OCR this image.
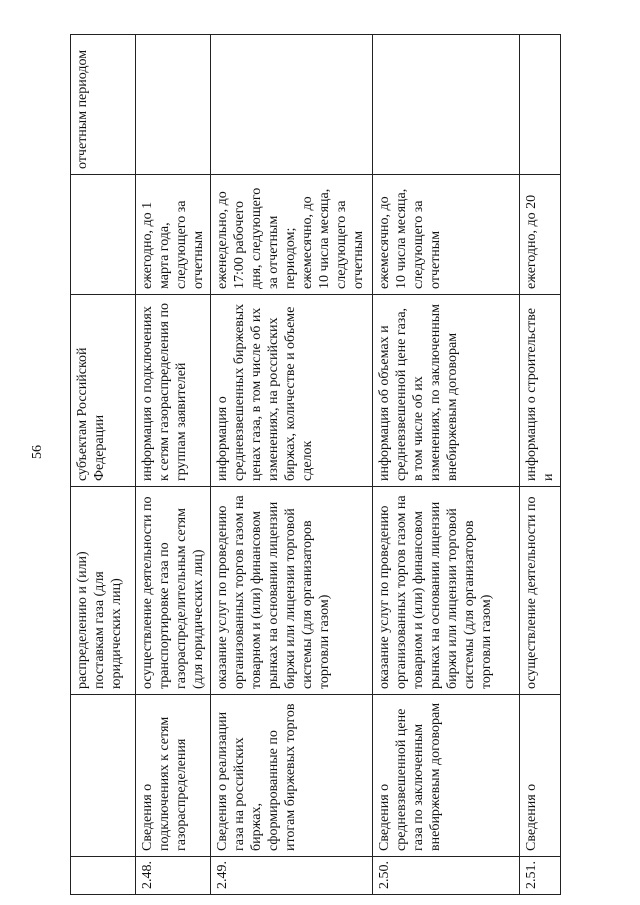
56
		распределению и (или) поставкам газа (для юридических лиц)	субъектам Российской Федерации		отчетным периодом
2.48.	Сведения о подключениях к сетям газораспределения	осуществление деятельности по транспортировке газа по газораспределительным сетям (для юридических лиц)	информация о подключениях к сетям газораспределения по группам заявителей	ежегодно, до 1 марта года, следующего за отчетным	
2.49.	Сведения о реализации газа на российских биржах, сформированные по итогам биржевых торгов	оказание услуг по проведению организованных торгов газом на товарном и (или) финансовом рынках на основании лицензии биржи или лицензии торговой системы (для организаторов торговли газом)	информация о средневзвешенных биржевых ценах газа, в том числе об их изменениях, на российских биржах, количестве и объеме сделок	еженедельно, до 17:00 рабочего дня, следующего за отчетным периодом; ежемесячно, до 10 числа месяца, следующего за отчетным	
2.50.	Сведения о средневзвешенной цене газа по заключенным внебиржевым договорам	оказание услуг по проведению организованных торгов газом на товарном и (или) финансовом рынках на основании лицензии биржи или лицензии торговой системы (для организаторов торговли газом)	информация об объемах и средневзвешенной цене газа, в том числе об их изменениях, по заключенным внебиржевым договорам	ежемесячно, до 10 числа месяца, следующего за отчетным	
2.51.	Сведения о	осуществление деятельности по	информация о строительстве и	ежегодно, до 20	
